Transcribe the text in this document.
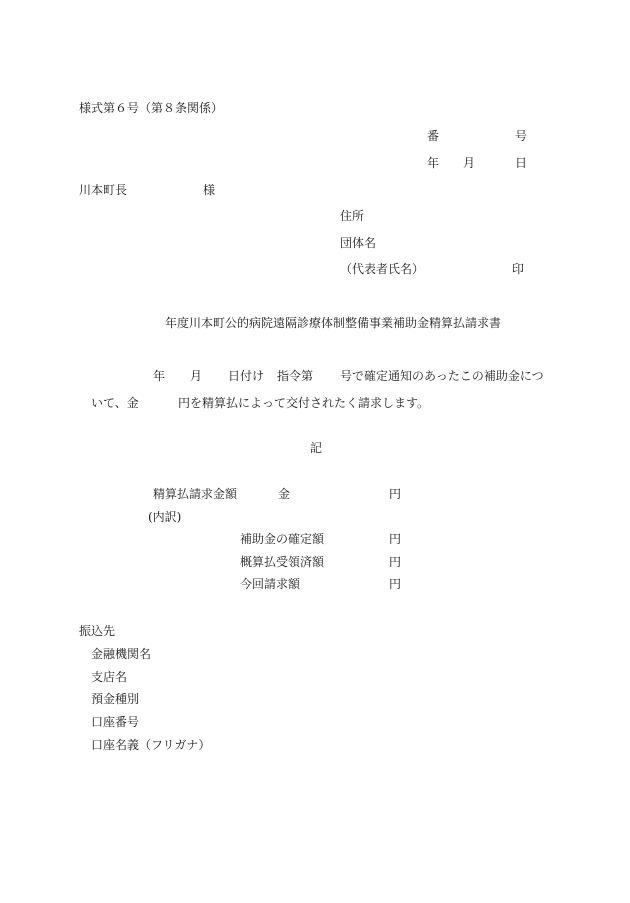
様式第６号（第８条関係）
番	号
年 月	日
川本町長	様
住所
団体名
（代表者氏名）	印
年度川本町公的病院遠隔診療体制整備事業補助金精算払請求書
年 月 日付け 指令第 号で確定通知のあったこの補助金につ
いて、金	円を精算払によって交付されたく請求します。
記
精算払請求金額	金	円
(内訳)
補助金の確定額	円
概算払受領済額	円
今回請求額	円
振込先
金融機関名
支店名
預金種別
口座番号
口座名義（フリガナ）
